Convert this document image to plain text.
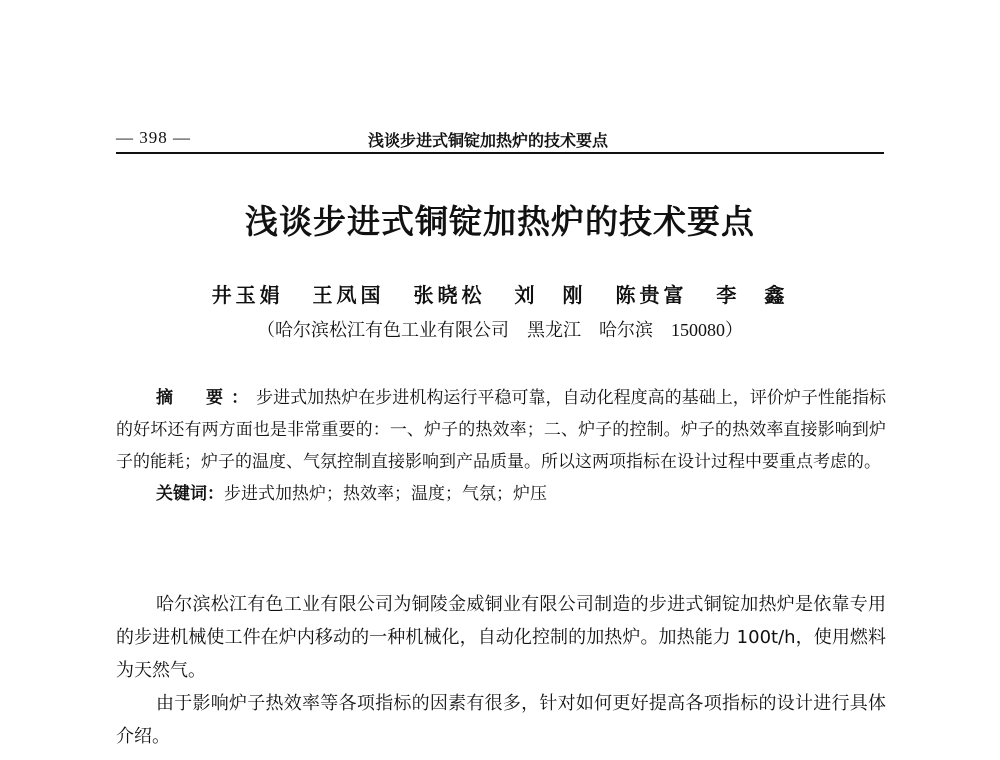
— 398 —	浅谈步进式铜锭加热炉的技术要点
浅谈步进式铜锭加热炉的技术要点
井玉娟 王凤国 张晓松 刘　刚 陈贵富 李　鑫
（哈尔滨松江有色工业有限公司　黑龙江　哈尔滨　150080）
摘　要：步进式加热炉在步进机构运行平稳可靠，自动化程度高的基础上，评价炉子性能指标的好坏还有两方面也是非常重要的：一、炉子的热效率；二、炉子的控制。炉子的热效率直接影响到炉子的能耗；炉子的温度、气氛控制直接影响到产品质量。所以这两项指标在设计过程中要重点考虑的。
关键词：步进式加热炉；热效率；温度；气氛；炉压

哈尔滨松江有色工业有限公司为铜陵金威铜业有限公司制造的步进式铜锭加热炉是依靠专用的步进机械使工件在炉内移动的一种机械化，自动化控制的加热炉。加热能力 100t/h，使用燃料为天然气。

由于影响炉子热效率等各项指标的因素有很多，针对如何更好提高各项指标的设计进行具体介绍。
